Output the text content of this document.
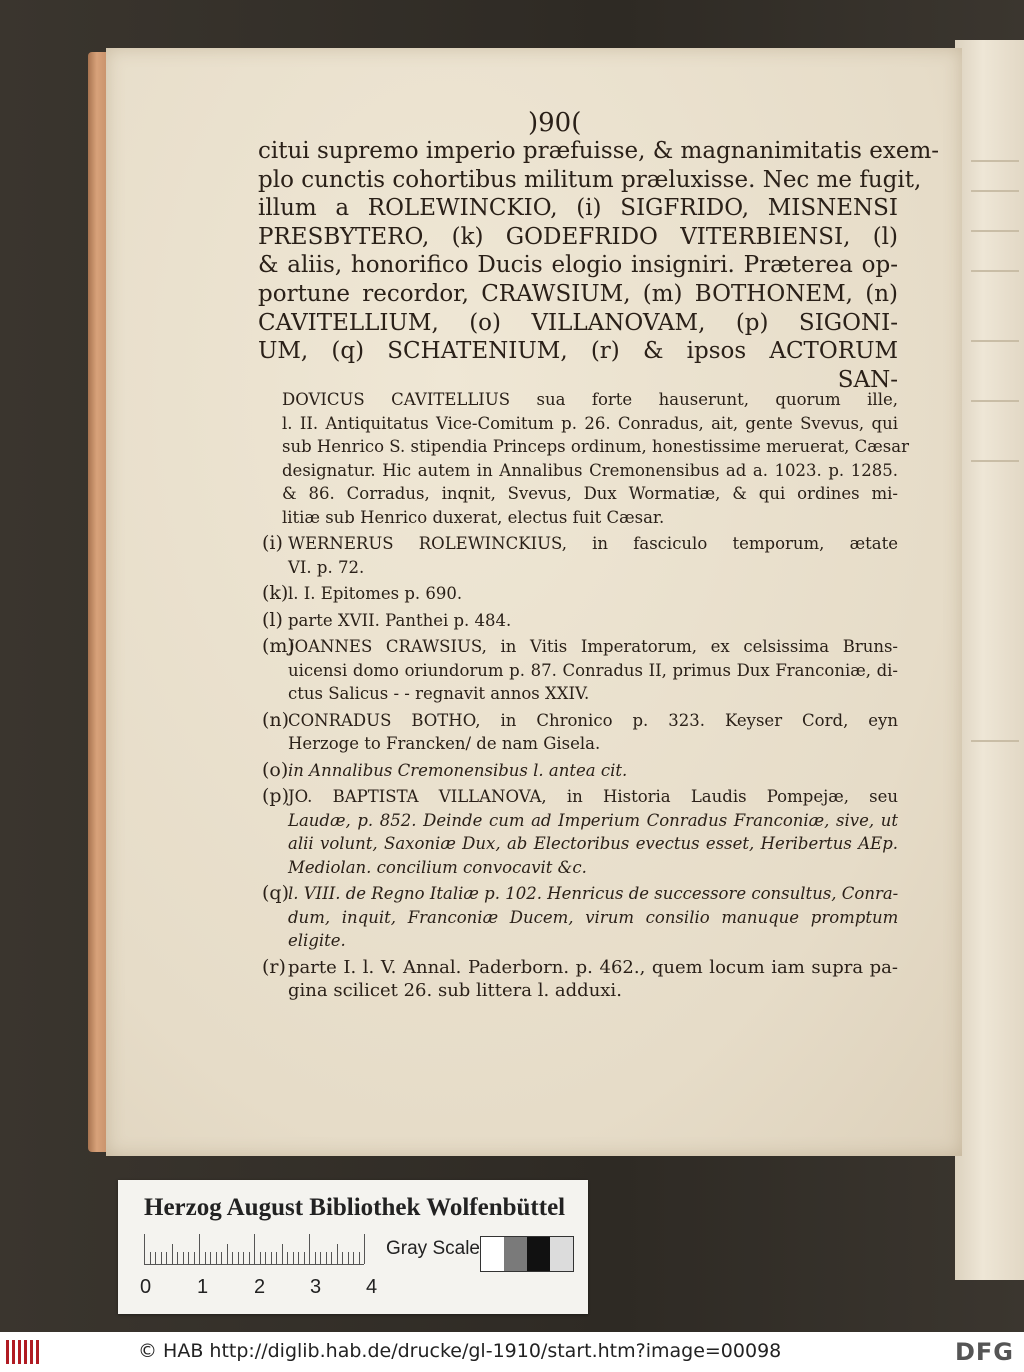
)90(
citui supremo imperio præfuisse, & magnanimitatis exem-
plo cunctis cohortibus militum præluxisse. Nec me fugit,
illum a ROLEWINCKIO, (i) SIGFRIDO, MISNENSI
PRESBYTERO, (k) GODEFRIDO VITERBIENSI, (l)
& aliis, honorifico Ducis elogio insigniri. Præterea op-
portune recordor, CRAWSIUM, (m) BOTHONEM, (n)
CAVITELLIUM, (o) VILLANOVAM, (p) SIGONI-
UM, (q) SCHATENIUM, (r) & ipsos ACTORUM
SAN-
DOVICUS CAVITELLIUS sua forte hauserunt, quorum ille,
l. II. Antiquitatus Vice-Comitum p. 26. Conradus, ait, gente Svevus, qui
sub Henrico S. stipendia Princeps ordinum, honestissime meruerat, Cæsar
designatur. Hic autem in Annalibus Cremonensibus ad a. 1023. p. 1285.
& 86. Corradus, inqnit, Svevus, Dux Wormatiæ, & qui ordines mi-
litiæ sub Henrico duxerat, electus fuit Cæsar.
(i) WERNERUS ROLEWINCKIUS, in fasciculo temporum, ætate
VI. p. 72.
(k) l. I. Epitomes p. 690.
(l) parte XVII. Panthei p. 484.
(m)
JOANNES CRAWSIUS, in Vitis Imperatorum, ex celsissima Bruns-
uicensi domo oriundorum p. 87. Conradus II, primus Dux Franconiæ, di-
ctus Salicus - - regnavit annos XXIV.
(n)
CONRADUS BOTHO, in Chronico p. 323. Keyser Cord, eyn
Herzoge to Francken/ de nam Gisela.
(o) in Annalibus Cremonensibus l. antea cit.
(p) JO. BAPTISTA VILLANOVA, in Historia Laudis Pompejæ, seu
Laudæ, p. 852. Deinde cum ad Imperium Conradus Franconiæ, sive, ut
alii volunt, Saxoniæ Dux, ab Electoribus evectus esset, Heribertus AEp.
Mediolan. concilium convocavit &c.
(q) l. VIII. de Regno Italiæ p. 102. Henricus de successore consultus, Conra-
dum, inquit, Franconiæ Ducem, virum consilio manuque promptum
eligite.
(r) parte I. l. V. Annal. Paderborn. p. 462., quem locum iam supra pa-
gina scilicet 26. sub littera l. adduxi.
Herzog August Bibliothek Wolfenbüttel
0 1 2 3 4
Gray Scale
© HAB http://diglib.hab.de/drucke/gl-1910/start.htm?image=00098	DFG
